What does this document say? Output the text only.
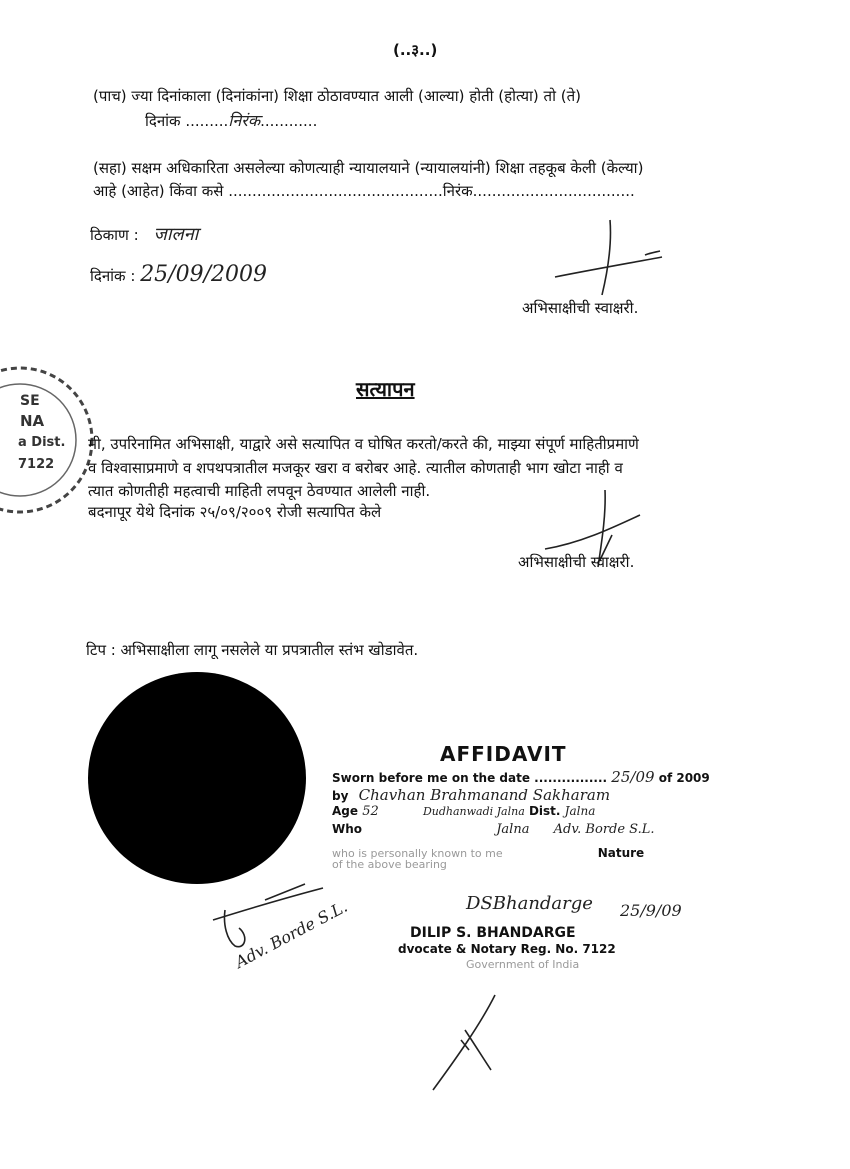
(..३..)
(पाच) ज्या दिनांकाला (दिनांकांना) शिक्षा ठोठावण्यात आली (आल्या) होती (होत्या) तो (ते)
दिनांक .........निरंक............
(सहा) सक्षम अधिकारिता असलेल्या कोणत्याही न्यायालयाने (न्यायालयांनी) शिक्षा तहकूब केली (केल्या)
आहे (आहेत) किंवा कसे .............................................निरंक..................................
ठिकाण : जालना
दिनांक : 25/09/2009
अभिसाक्षीची स्वाक्षरी.
SE
NA
a Dist.
7122
सत्यापन
मी, उपरिनामित अभिसाक्षी, याद्वारे असे सत्यापित व घोषित करतो/करते की, माझ्या संपूर्ण माहितीप्रमाणे
व विश्वासाप्रमाणे व शपथपत्रातील मजकूर खरा व बरोबर आहे. त्यातील कोणताही भाग खोटा नाही व
त्यात कोणतीही महत्वाची माहिती लपवून ठेवण्यात आलेली नाही.
बदनापूर येथे दिनांक २५/०९/२००९ रोजी सत्यापित केले
अभिसाक्षीची स्वाक्षरी.
टिप : अभिसाक्षीला लागू नसलेले या प्रपत्रातील स्तंभ खोडावेत.
AFFIDAVIT
Sworn before me on the date ................ 25/09 of 2009
by Chavhan Brahmanand Sakharam
Age 52	Dudhanwadi Jalna Dist. Jalna
Who	Jalna Adv. Borde S.L.
who is personally known to me	Nature
of the above bearing
DSBhandarge 25/9/09
DILIP S. BHANDARGE
dvocate & Notary Reg. No. 7122
Government of India
Adv. Borde S.L.
